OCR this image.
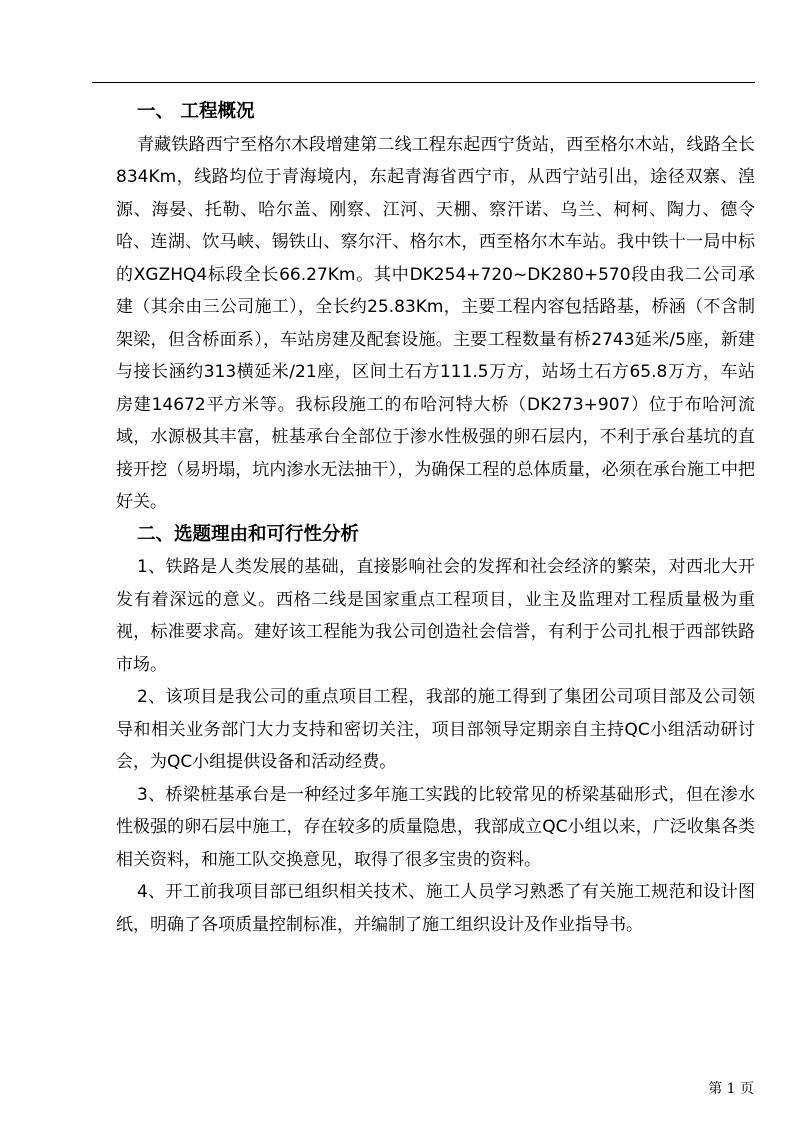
一、 工程概况

青藏铁路西宁至格尔木段增建第二线工程东起西宁货站，西至格尔木站，线路全长834Km，线路均位于青海境内，东起青海省西宁市，从西宁站引出，途径双寨、湟源、海晏、托勒、哈尔盖、刚察、江河、天棚、察汗诺、乌兰、柯柯、陶力、德令哈、连湖、饮马峡、锡铁山、察尔汗、格尔木，西至格尔木车站。我中铁十一局中标的XGZHQ4标段全长66.27Km。其中DK254+720~DK280+570段由我二公司承建（其余由三公司施工），全长约25.83Km，主要工程内容包括路基，桥涵（不含制架梁，但含桥面系），车站房建及配套设施。主要工程数量有桥2743延米/5座，新建与接长涵约313横延米/21座，区间土石方111.5万方，站场土石方65.8万方，车站房建14672平方米等。我标段施工的布哈河特大桥（DK273+907）位于布哈河流域，水源极其丰富，桩基承台全部位于渗水性极强的卵石层内，不利于承台基坑的直接开挖（易坍塌，坑内渗水无法抽干），为确保工程的总体质量，必须在承台施工中把好关。

二、选题理由和可行性分析

1、铁路是人类发展的基础，直接影响社会的发挥和社会经济的繁荣，对西北大开发有着深远的意义。西格二线是国家重点工程项目，业主及监理对工程质量极为重视，标准要求高。建好该工程能为我公司创造社会信誉，有利于公司扎根于西部铁路市场。

2、该项目是我公司的重点项目工程，我部的施工得到了集团公司项目部及公司领导和相关业务部门大力支持和密切关注，项目部领导定期亲自主持QC小组活动研讨会，为QC小组提供设备和活动经费。

3、桥梁桩基承台是一种经过多年施工实践的比较常见的桥梁基础形式，但在渗水性极强的卵石层中施工，存在较多的质量隐患，我部成立QC小组以来，广泛收集各类相关资料，和施工队交换意见，取得了很多宝贵的资料。

4、开工前我项目部已组织相关技术、施工人员学习熟悉了有关施工规范和设计图纸，明确了各项质量控制标准，并编制了施工组织设计及作业指导书。

第 1 页
